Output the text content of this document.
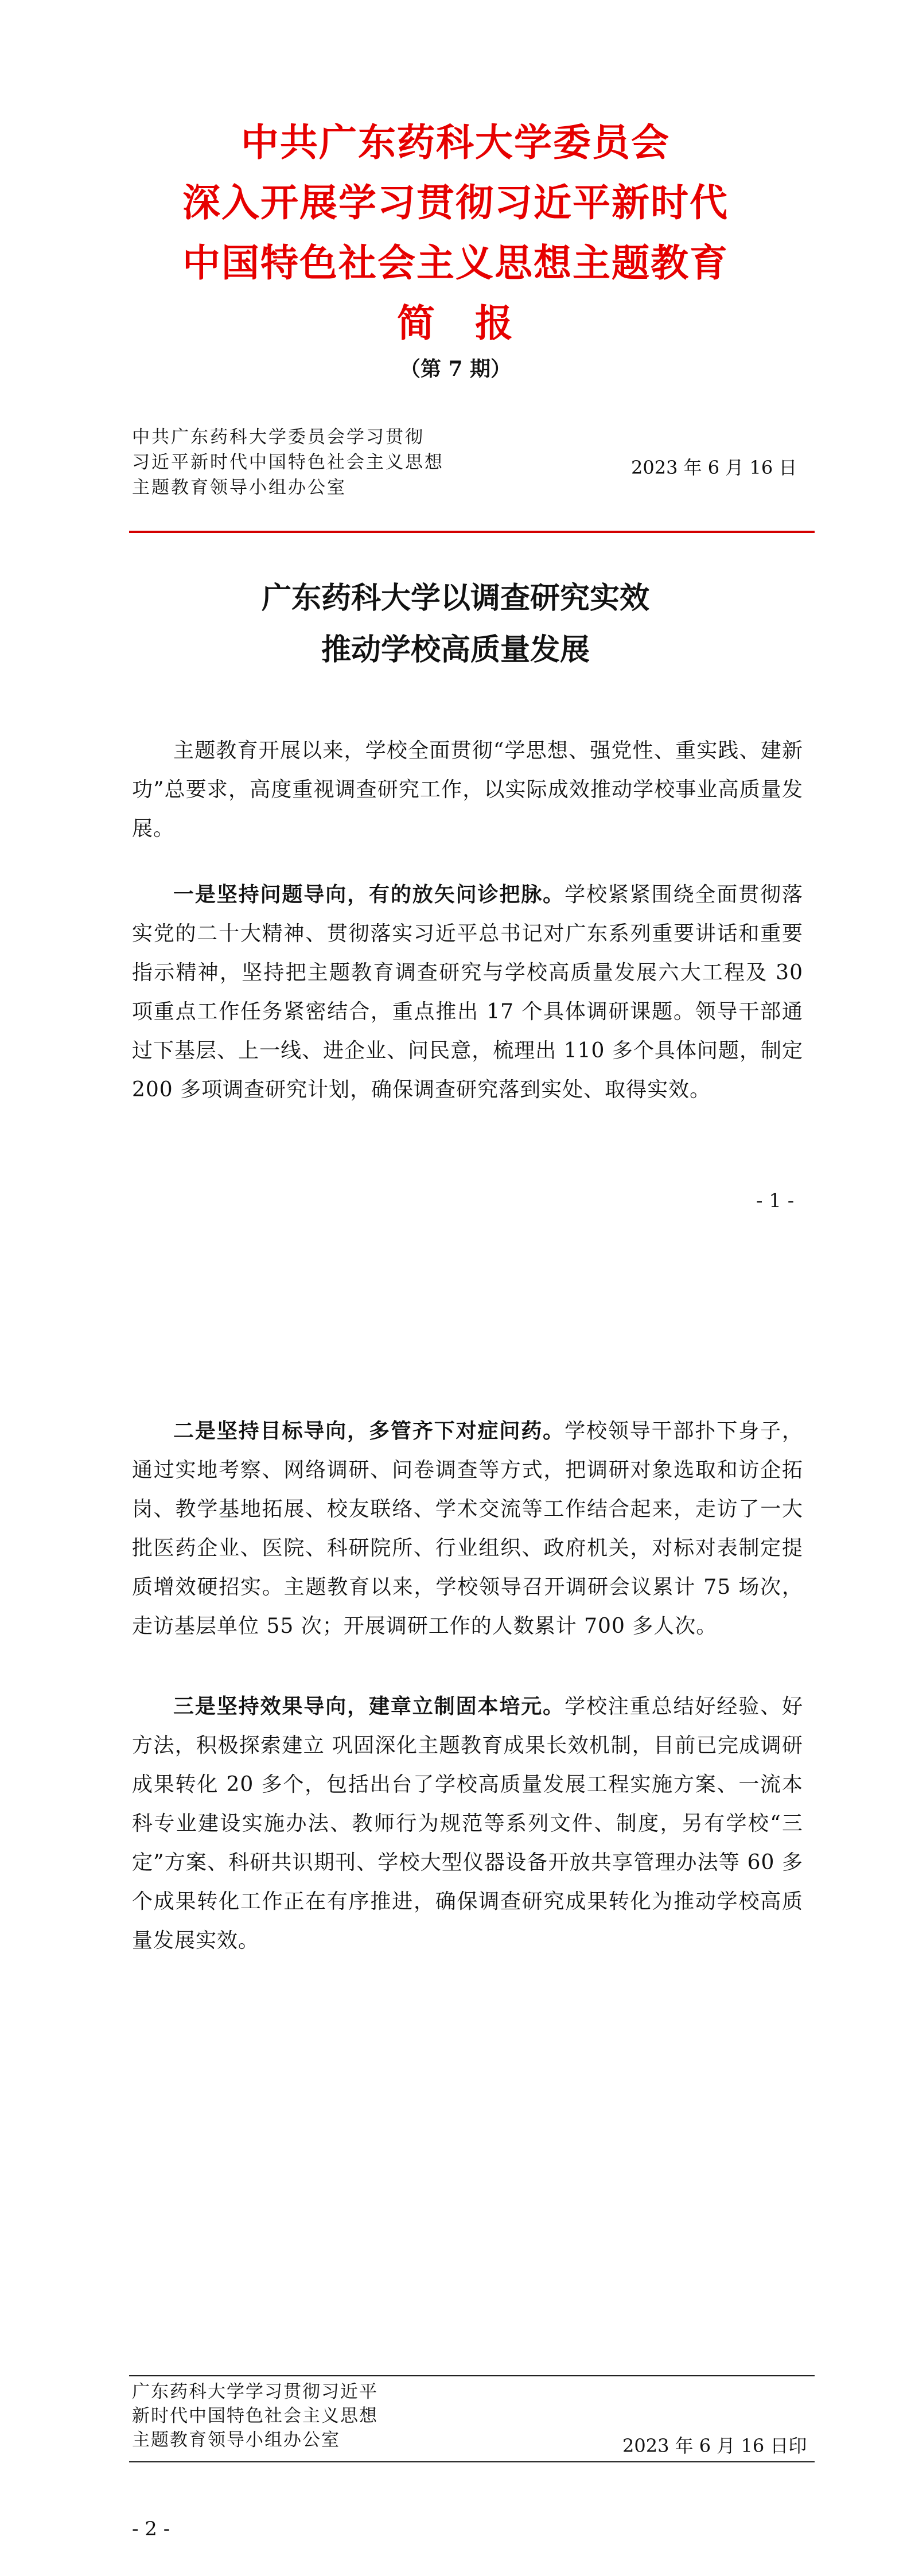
中共广东药科大学委员会
深入开展学习贯彻习近平新时代
中国特色社会主义思想主题教育
简　报
（第 7 期）
中共广东药科大学委员会学习贯彻
习近平新时代中国特色社会主义思想
主题教育领导小组办公室
2023 年 6 月 16 日
广东药科大学以调查研究实效
推动学校高质量发展
主题教育开展以来，学校全面贯彻“学思想、强党性、重实践、建新功”总要求，高度重视调查研究工作，以实际成效推动学校事业高质量发展。
一是坚持问题导向，有的放矢问诊把脉。学校紧紧围绕全面贯彻落实党的二十大精神、贯彻落实习近平总书记对广东系列重要讲话和重要指示精神，坚持把主题教育调查研究与学校高质量发展六大工程及 30 项重点工作任务紧密结合，重点推出 17 个具体调研课题。领导干部通过下基层、上一线、进企业、问民意，梳理出 110 多个具体问题，制定 200 多项调查研究计划，确保调查研究落到实处、取得实效。
- 1 -
二是坚持目标导向，多管齐下对症问药。学校领导干部扑下身子，通过实地考察、网络调研、问卷调查等方式，把调研对象选取和访企拓岗、教学基地拓展、校友联络、学术交流等工作结合起来，走访了一大批医药企业、医院、科研院所、行业组织、政府机关，对标对表制定提质增效硬招实。主题教育以来，学校领导召开调研会议累计 75 场次，走访基层单位 55 次；开展调研工作的人数累计 700 多人次。
三是坚持效果导向，建章立制固本培元。学校注重总结好经验、好方法，积极探索建立 巩固深化主题教育成果长效机制，目前已完成调研成果转化 20 多个，包括出台了学校高质量发展工程实施方案、一流本科专业建设实施办法、教师行为规范等系列文件、制度，另有学校“三定”方案、科研共识期刊、学校大型仪器设备开放共享管理办法等 60 多个成果转化工作正在有序推进，确保调查研究成果转化为推动学校高质量发展实效。
广东药科大学学习贯彻习近平
新时代中国特色社会主义思想
主题教育领导小组办公室	2023 年 6 月 16 日印
- 2 -
